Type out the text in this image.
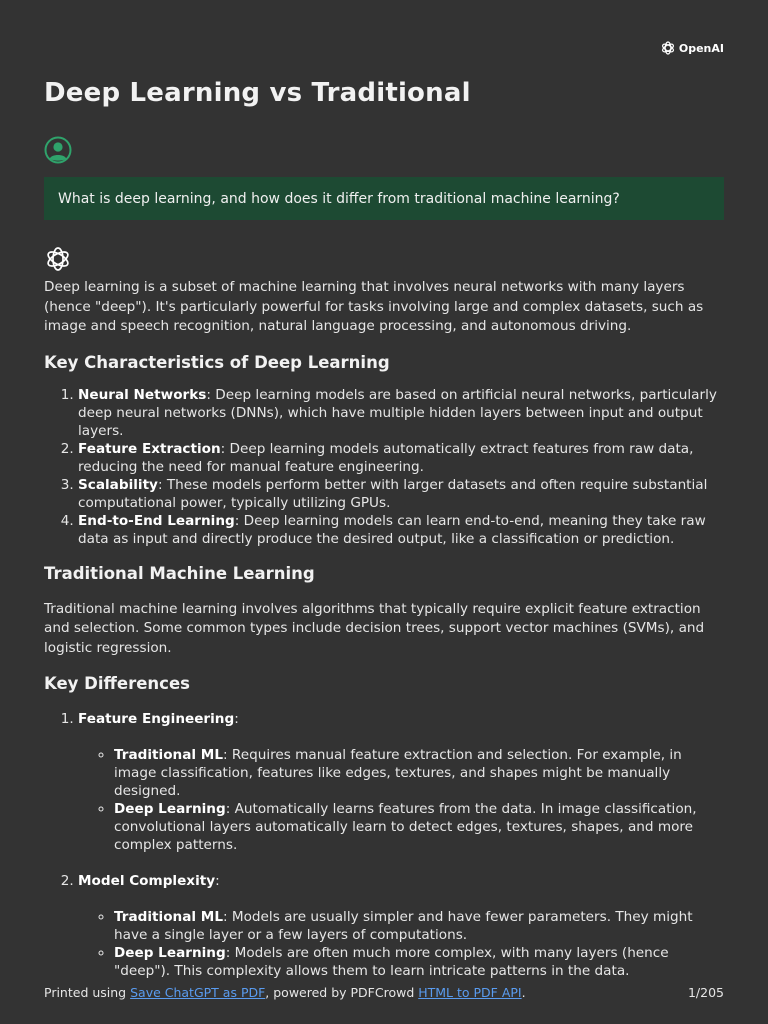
OpenAI
Deep Learning vs Traditional
What is deep learning, and how does it differ from traditional machine learning?

Deep learning is a subset of machine learning that involves neural networks with many layers (hence "deep"). It's particularly powerful for tasks involving large and complex datasets, such as image and speech recognition, natural language processing, and autonomous driving.

Key Characteristics of Deep Learning
1. Neural Networks: Deep learning models are based on artificial neural networks, particularly deep neural networks (DNNs), which have multiple hidden layers between input and output layers.
2. Feature Extraction: Deep learning models automatically extract features from raw data, reducing the need for manual feature engineering.
3. Scalability: These models perform better with larger datasets and often require substantial computational power, typically utilizing GPUs.
4. End-to-End Learning: Deep learning models can learn end-to-end, meaning they take raw data as input and directly produce the desired output, like a classification or prediction.
Traditional Machine Learning

Traditional machine learning involves algorithms that typically require explicit feature extraction and selection. Some common types include decision trees, support vector machines (SVMs), and logistic regression.

Key Differences
1. Feature Engineering:
◦ Traditional ML: Requires manual feature extraction and selection. For example, in image classification, features like edges, textures, and shapes might be manually designed.
◦ Deep Learning: Automatically learns features from the data. In image classification, convolutional layers automatically learn to detect edges, textures, shapes, and more complex patterns.
2. Model Complexity:
◦ Traditional ML: Models are usually simpler and have fewer parameters. They might have a single layer or a few layers of computations.
◦ Deep Learning: Models are often much more complex, with many layers (hence "deep"). This complexity allows them to learn intricate patterns in the data.
Printed using Save ChatGPT as PDF, powered by PDFCrowd HTML to PDF API.	1/205
